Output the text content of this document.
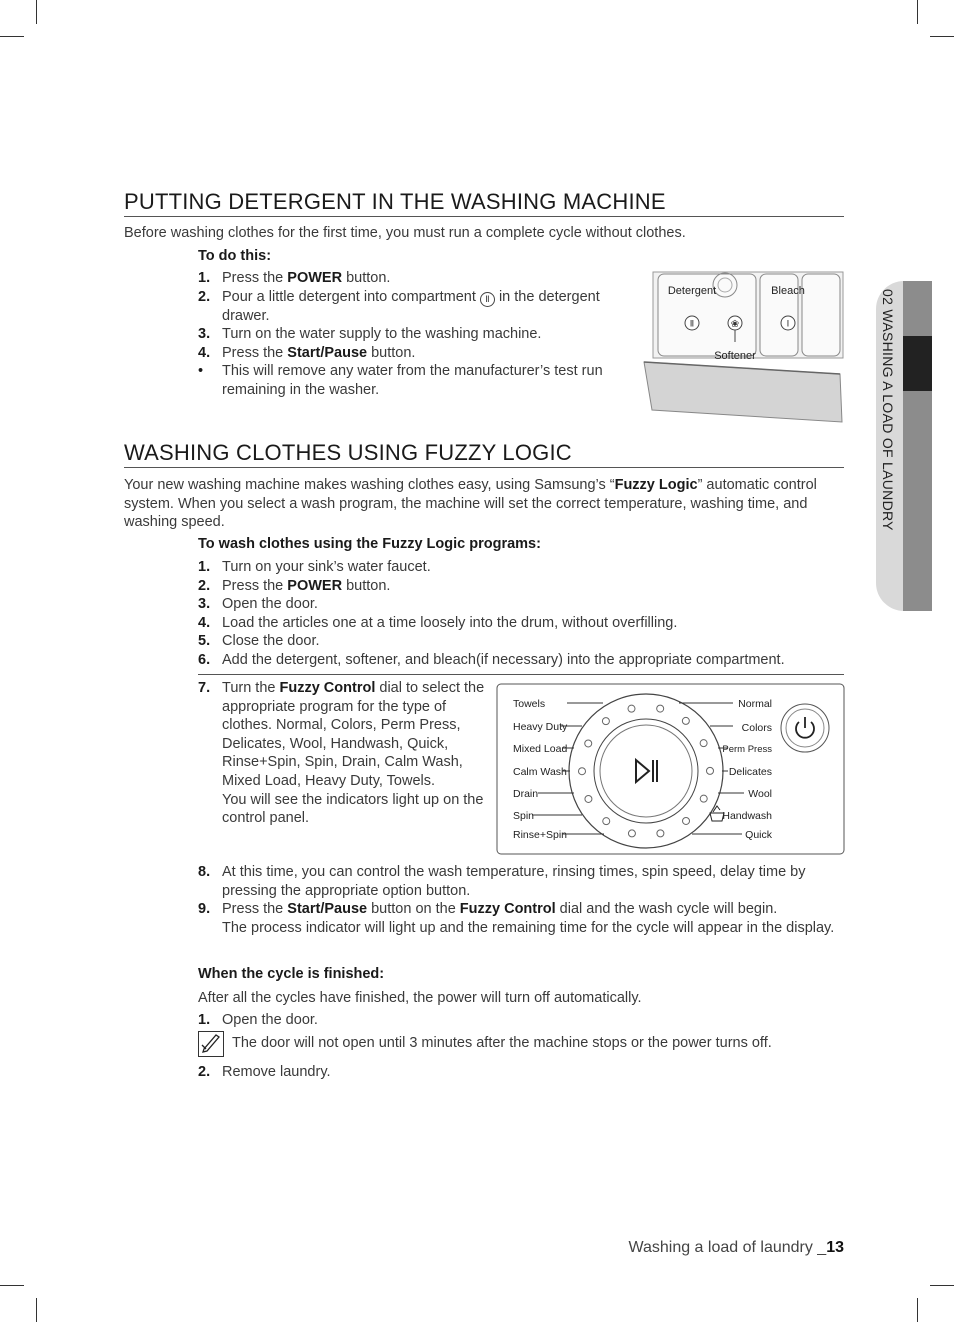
02 WASHING A LOAD OF LAUNDRY
PUTTING DETERGENT IN THE WASHING MACHINE

Before washing clothes for the first time, you must run a complete cycle without clothes.

To do this:
1. Press the POWER button.
2. Pour a little detergent into compartment Ⅱ in the detergent drawer.
3. Turn on the water supply to the washing machine.
4. Press the Start/Pause button.
• This will remove any water from the manufacturer’s test run remaining in the washer.
Ⅱ	❀	Ⅰ
Detergent	Bleach
Softener
WASHING CLOTHES USING FUZZY LOGIC

Your new washing machine makes washing clothes easy, using Samsung’s “Fuzzy Logic” automatic control system. When you select a wash program, the machine will set the correct temperature, washing time, and washing speed.

To wash clothes using the Fuzzy Logic programs:
1. Turn on your sink’s water faucet.
2. Press the POWER button.
3. Open the door.
4. Load the articles one at a time loosely into the drum, without overfilling.
5. Close the door.
6. Add the detergent, softener, and bleach(if necessary) into the appropriate compartment.
7. Turn the Fuzzy Control dial to select the appropriate program for the type of clothes. Normal, Colors, Perm Press, Delicates, Wool, Handwash, Quick, Rinse+Spin, Spin, Drain, Calm Wash, Mixed Load, Heavy Duty, Towels.
You will see the indicators light up on the control panel.
Towels
Heavy Duty
Mixed Load
Calm Wash
Drain
Spin
Rinse+Spin
Normal
Colors
Perm Press
Delicates
Wool
Handwash
Quick
8. At this time, you can control the wash temperature, rinsing times, spin speed, delay time by pressing the appropriate option button.
9. Press the Start/Pause button on the Fuzzy Control dial and the wash cycle will begin.
The process indicator will light up and the remaining time for the cycle will appear in the display.
When the cycle is finished:

After all the cycles have finished, the power will turn off automatically.

1. Open the door.

The door will not open until 3 minutes after the machine stops or the power turns off.

2. Remove laundry.
Washing a load of laundry _13
